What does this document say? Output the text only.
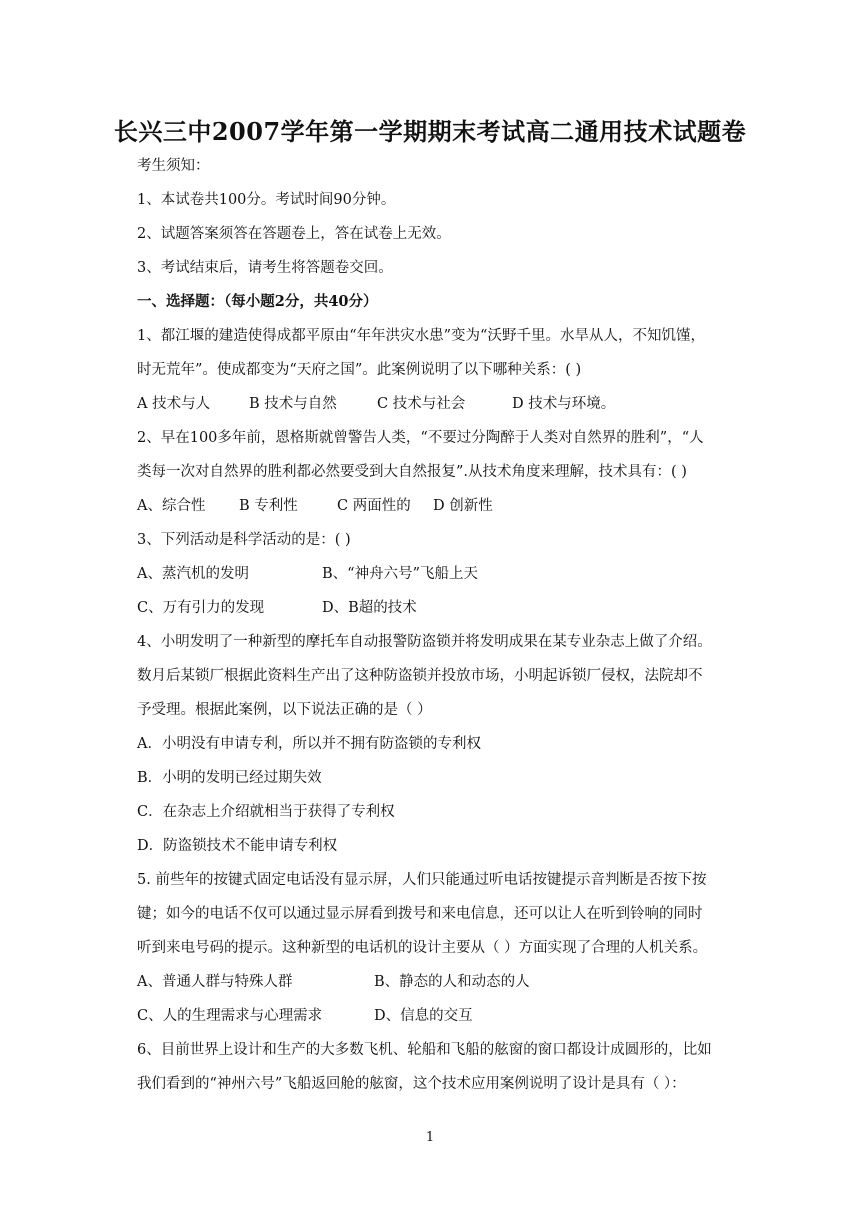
长兴三中2007学年第一学期期末考试高二通用技术试题卷
考生须知：
1、本试卷共100分。考试时间90分钟。
2、试题答案须答在答题卷上，答在试卷上无效。
3、考试结束后，请考生将答题卷交回。
一、选择题：（每小题2分，共40分）
1、都江堰的建造使得成都平原由“年年洪灾水患”变为“沃野千里。水旱从人，不知饥馑，
时无荒年”。使成都变为“天府之国”。此案例说明了以下哪种关系：( )
A 技术与人	B 技术与自然	C 技术与社会	D 技术与环境。
2、早在100多年前，恩格斯就曾警告人类，“不要过分陶醉于人类对自然界的胜利”，“人
类每一次对自然界的胜利都必然要受到大自然报复”.从技术角度来理解，技术具有：( )
A、综合性 B 专利性	C 两面性的 D 创新性
3、下列活动是科学活动的是：( )
A、蒸汽机的发明	B、“神舟六号”飞船上天
C、万有引力的发现	D、B超的技术
4、小明发明了一种新型的摩托车自动报警防盗锁并将发明成果在某专业杂志上做了介绍。
数月后某锁厂根据此资料生产出了这种防盗锁并投放市场，小明起诉锁厂侵权，法院却不
予受理。根据此案例，以下说法正确的是（ ）
A．小明没有申请专利，所以并不拥有防盗锁的专利权
B．小明的发明已经过期失效
C．在杂志上介绍就相当于获得了专利权
D．防盗锁技术不能申请专利权
5. 前些年的按键式固定电话没有显示屏，人们只能通过听电话按键提示音判断是否按下按
键；如今的电话不仅可以通过显示屏看到拨号和来电信息，还可以让人在听到铃响的同时
听到来电号码的提示。这种新型的电话机的设计主要从（ ）方面实现了合理的人机关系。
A、普通人群与特殊人群	B、静态的人和动态的人
C、人的生理需求与心理需求	D、信息的交互
6、目前世界上设计和生产的大多数飞机、轮船和飞船的舷窗的窗口都设计成圆形的，比如
我们看到的“神州六号”飞船返回舱的舷窗，这个技术应用案例说明了设计是具有（ ）：
1
